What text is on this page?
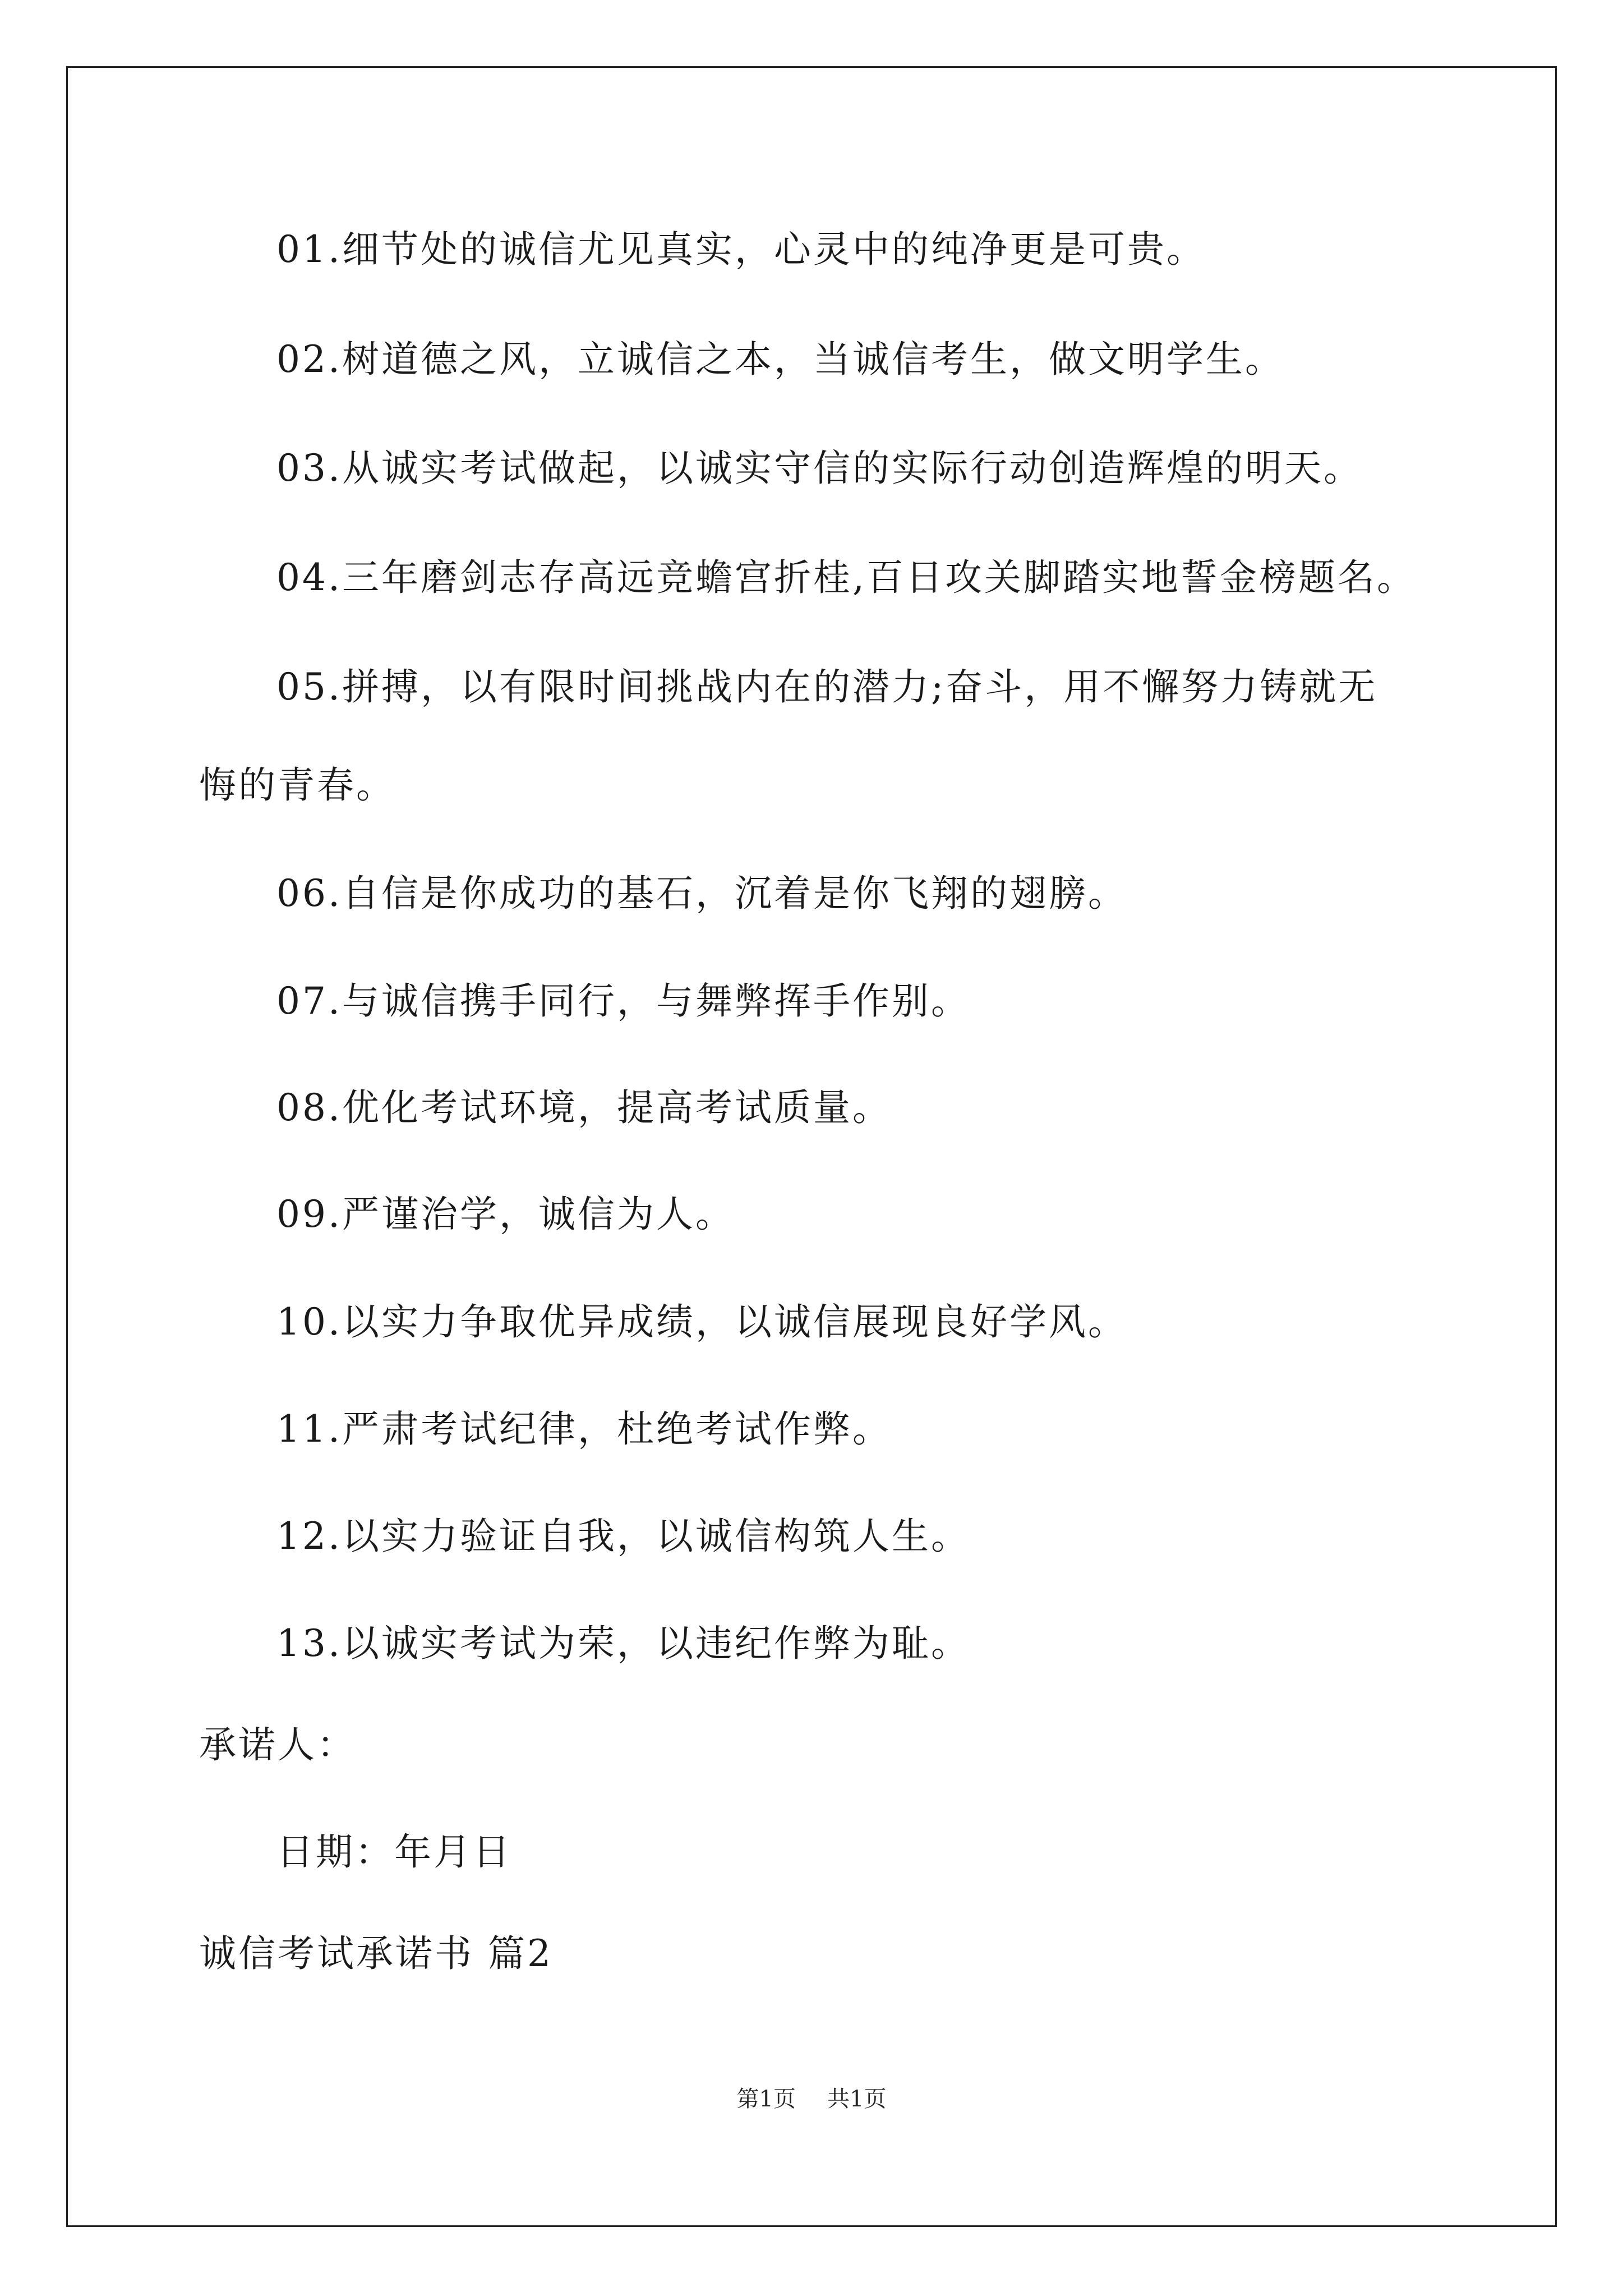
01.细节处的诚信尤见真实，心灵中的纯净更是可贵。
02.树道德之风，立诚信之本，当诚信考生，做文明学生。
03.从诚实考试做起，以诚实守信的实际行动创造辉煌的明天。
04.三年磨剑志存高远竞蟾宫折桂,百日攻关脚踏实地誓金榜题名。
05.拼搏，以有限时间挑战内在的潜力;奋斗，用不懈努力铸就无
悔的青春。
06.自信是你成功的基石，沉着是你飞翔的翅膀。
07.与诚信携手同行，与舞弊挥手作别。
08.优化考试环境，提高考试质量。
09.严谨治学，诚信为人。
10.以实力争取优异成绩，以诚信展现良好学风。
11.严肃考试纪律，杜绝考试作弊。
12.以实力验证自我，以诚信构筑人生。
13.以诚实考试为荣，以违纪作弊为耻。
承诺人：
日期：年月日
诚信考试承诺书 篇2
第1页 共1页
